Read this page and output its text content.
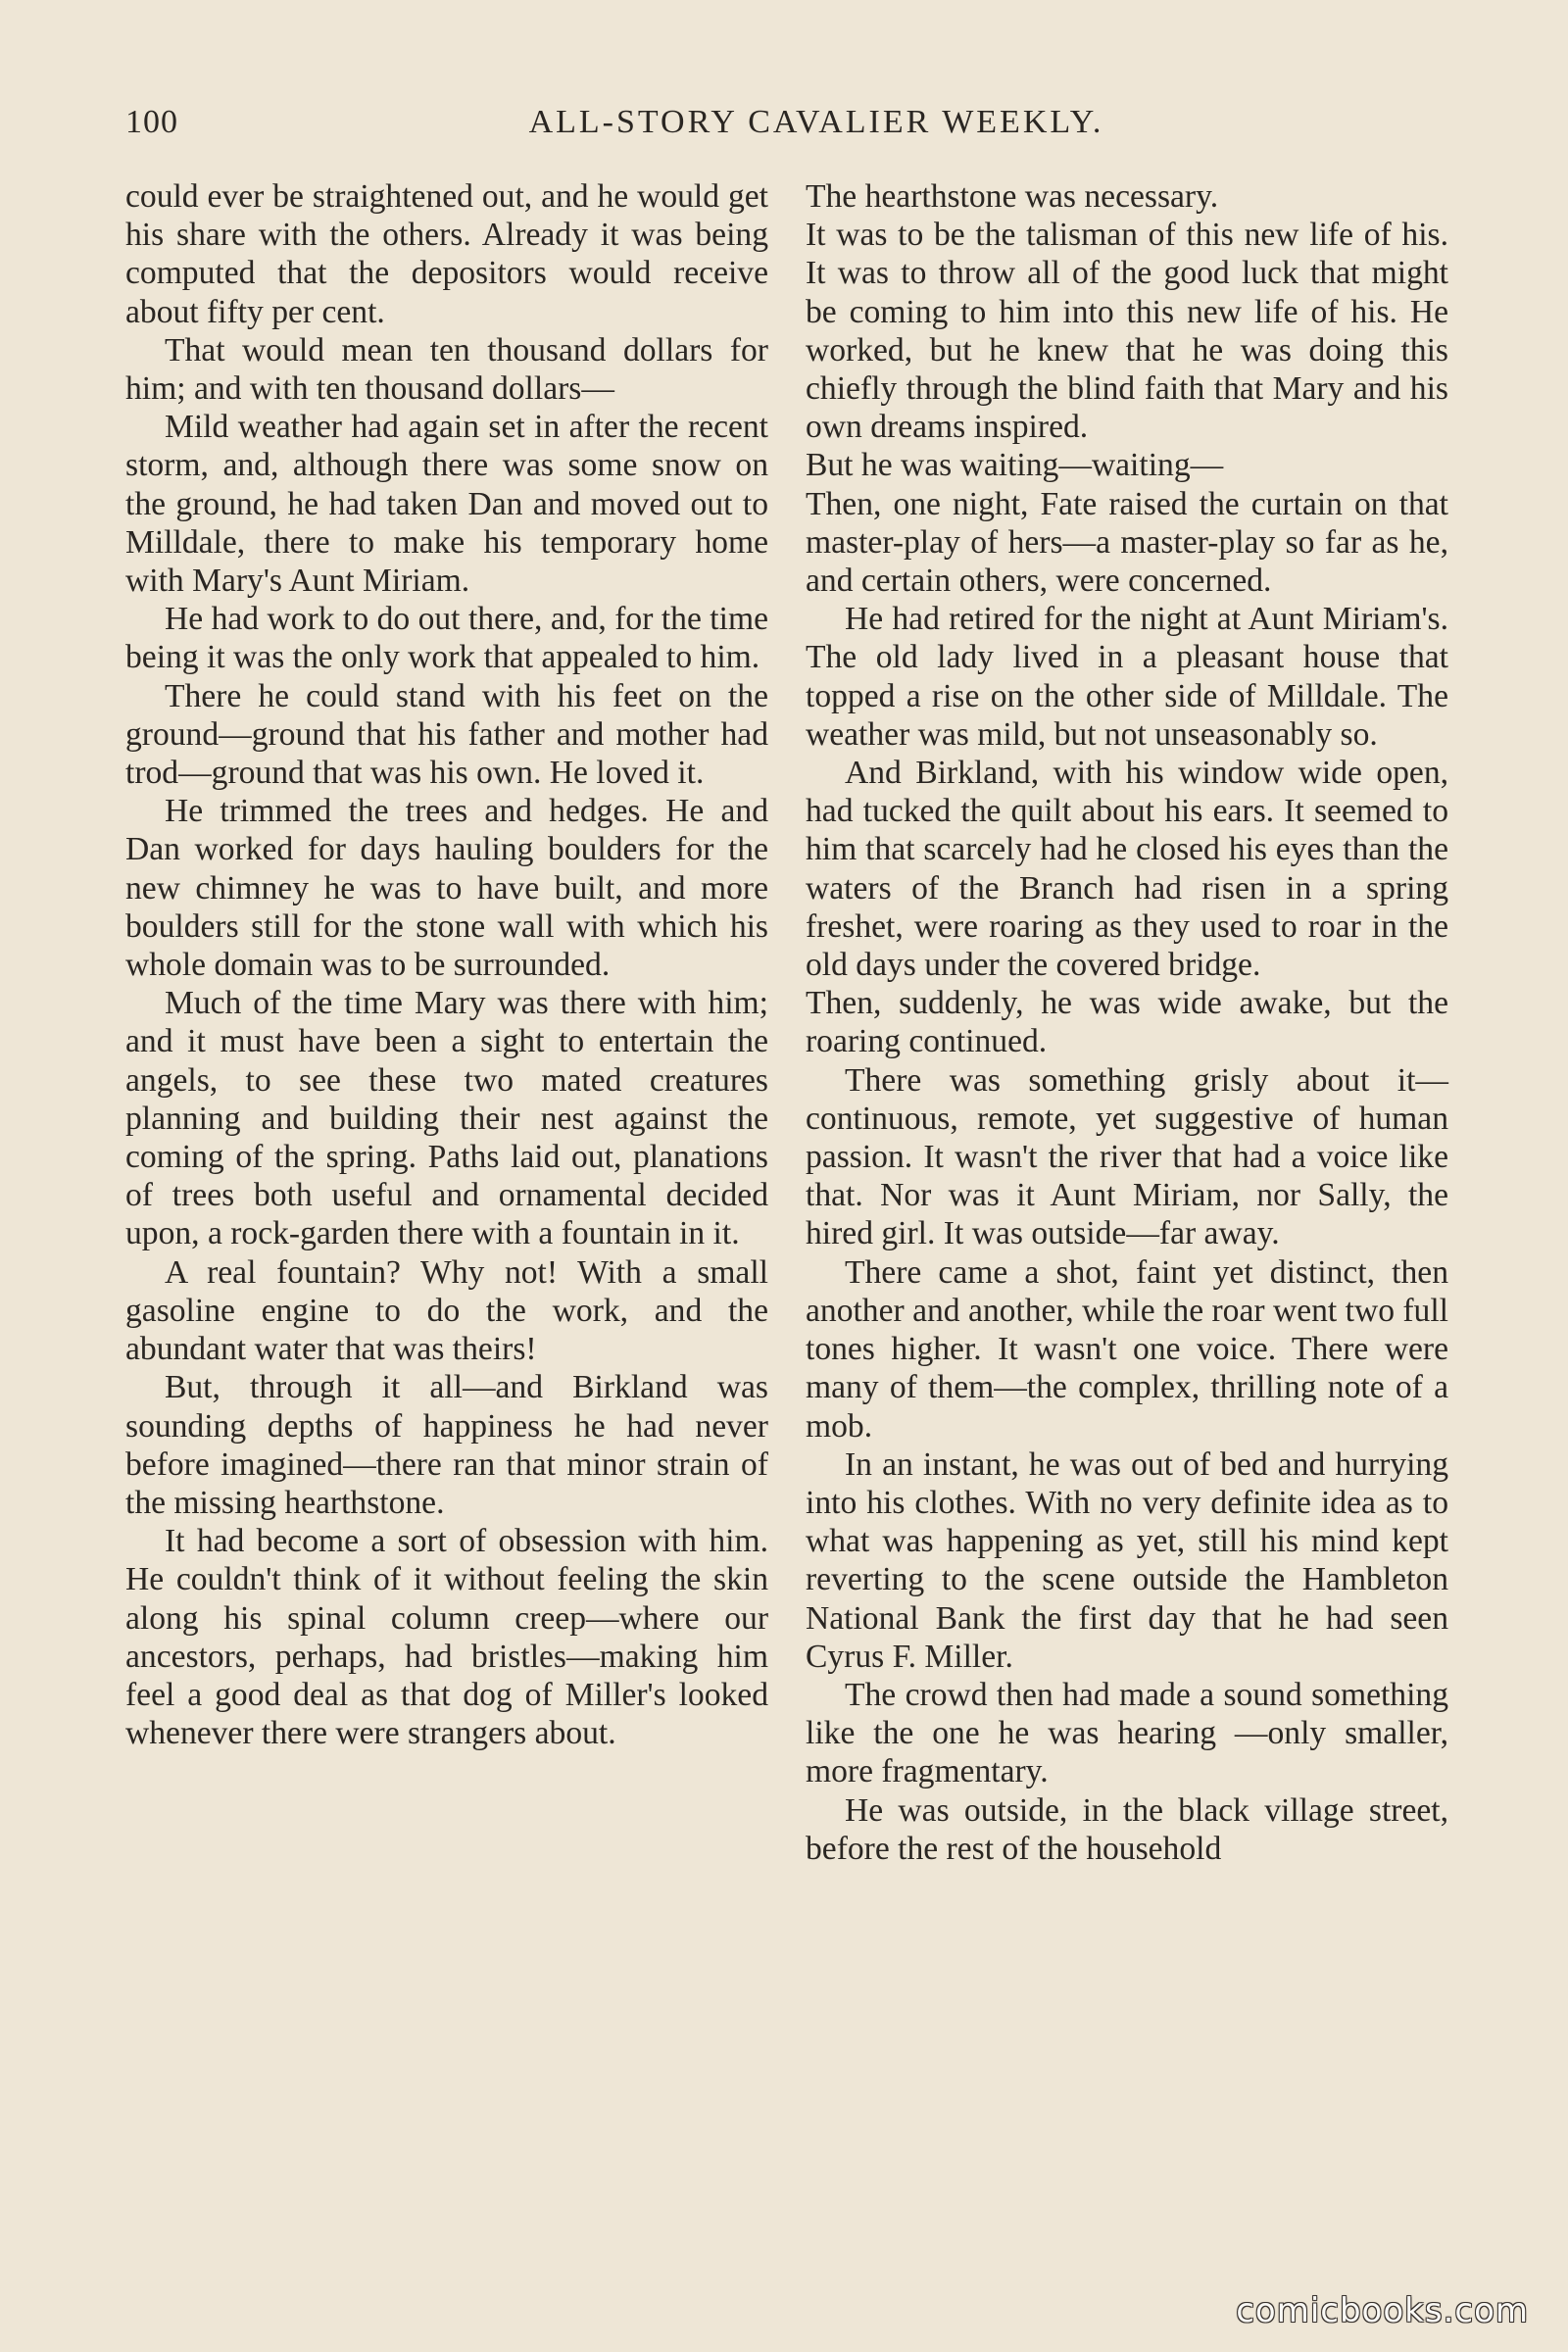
100	ALL-STORY CAVALIER WEEKLY.

could ever be straightened out, and he would get his share with the others. Already it was being computed that the depositors would receive about fifty per cent.

That would mean ten thousand dollars for him; and with ten thousand dollars—

Mild weather had again set in after the recent storm, and, although there was some snow on the ground, he had taken Dan and moved out to Milldale, there to make his temporary home with Mary's Aunt Miriam.

He had work to do out there, and, for the time being it was the only work that appealed to him.

There he could stand with his feet on the ground—ground that his father and mother had trod—ground that was his own. He loved it.

He trimmed the trees and hedges. He and Dan worked for days hauling boulders for the new chimney he was to have built, and more boulders still for the stone wall with which his whole domain was to be surrounded.

Much of the time Mary was there with him; and it must have been a sight to entertain the angels, to see these two mated creatures planning and building their nest against the coming of the spring. Paths laid out, planations of trees both useful and ornamental decided upon, a rock-garden there with a fountain in it.

A real fountain? Why not! With a small gasoline engine to do the work, and the abundant water that was theirs!

But, through it all—and Birkland was sounding depths of happiness he had never before imagined—there ran that minor strain of the missing hearthstone.

It had become a sort of obsession with him. He couldn't think of it without feeling the skin along his spinal column creep—where our ancestors, perhaps, had bristles—making him feel a good deal as that dog of Miller's looked whenever there were strangers about.

The hearthstone was necessary.

It was to be the talisman of this new life of his. It was to throw all of the good luck that might be coming to him into this new life of his. He worked, but he knew that he was doing this chiefly through the blind faith that Mary and his own dreams inspired.

But he was waiting—waiting—

Then, one night, Fate raised the curtain on that master-play of hers—a master-play so far as he, and certain others, were concerned.

He had retired for the night at Aunt Miriam's. The old lady lived in a pleasant house that topped a rise on the other side of Milldale. The weather was mild, but not unseasonably so.

And Birkland, with his window wide open, had tucked the quilt about his ears. It seemed to him that scarcely had he closed his eyes than the waters of the Branch had risen in a spring freshet, were roaring as they used to roar in the old days under the covered bridge.

Then, suddenly, he was wide awake, but the roaring continued.

There was something grisly about it—continuous, remote, yet suggestive of human passion. It wasn't the river that had a voice like that. Nor was it Aunt Miriam, nor Sally, the hired girl. It was outside—far away.

There came a shot, faint yet distinct, then another and another, while the roar went two full tones higher. It wasn't one voice. There were many of them—the complex, thrilling note of a mob.

In an instant, he was out of bed and hurrying into his clothes. With no very definite idea as to what was happening as yet, still his mind kept reverting to the scene outside the Hambleton National Bank the first day that he had seen Cyrus F. Miller.

The crowd then had made a sound something like the one he was hearing —only smaller, more fragmentary.

He was outside, in the black village street, before the rest of the household

comicbooks.com
